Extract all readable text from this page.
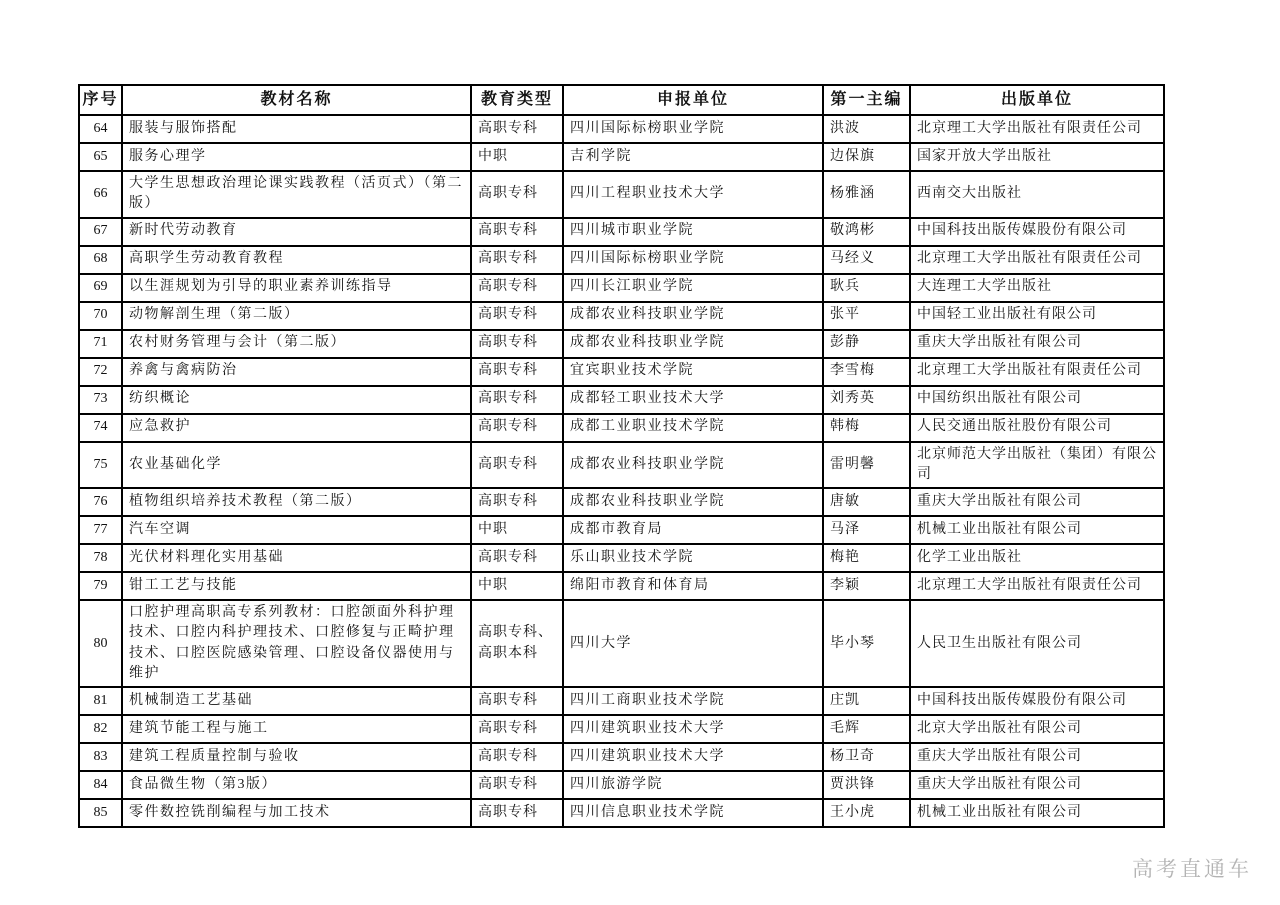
序号	教材名称	教育类型	申报单位	第一主编	出版单位
64	服装与服饰搭配	高职专科	四川国际标榜职业学院	洪波	北京理工大学出版社有限责任公司
65	服务心理学	中职	吉利学院	边保旗	国家开放大学出版社
66	大学生思想政治理论课实践教程（活页式）（第二版）	高职专科	四川工程职业技术大学	杨雅涵	西南交大出版社
67	新时代劳动教育	高职专科	四川城市职业学院	敬鸿彬	中国科技出版传媒股份有限公司
68	高职学生劳动教育教程	高职专科	四川国际标榜职业学院	马经义	北京理工大学出版社有限责任公司
69	以生涯规划为引导的职业素养训练指导	高职专科	四川长江职业学院	耿兵	大连理工大学出版社
70	动物解剖生理（第二版）	高职专科	成都农业科技职业学院	张平	中国轻工业出版社有限公司
71	农村财务管理与会计（第二版）	高职专科	成都农业科技职业学院	彭静	重庆大学出版社有限公司
72	养禽与禽病防治	高职专科	宜宾职业技术学院	李雪梅	北京理工大学出版社有限责任公司
73	纺织概论	高职专科	成都轻工职业技术大学	刘秀英	中国纺织出版社有限公司
74	应急救护	高职专科	成都工业职业技术学院	韩梅	人民交通出版社股份有限公司
75	农业基础化学	高职专科	成都农业科技职业学院	雷明馨	北京师范大学出版社（集团）有限公司
76	植物组织培养技术教程（第二版）	高职专科	成都农业科技职业学院	唐敏	重庆大学出版社有限公司
77	汽车空调	中职	成都市教育局	马泽	机械工业出版社有限公司
78	光伏材料理化实用基础	高职专科	乐山职业技术学院	梅艳	化学工业出版社
79	钳工工艺与技能	中职	绵阳市教育和体育局	李颖	北京理工大学出版社有限责任公司
80	口腔护理高职高专系列教材：口腔颌面外科护理技术、口腔内科护理技术、口腔修复与正畸护理技术、口腔医院感染管理、口腔设备仪器使用与维护	高职专科、高职本科	四川大学	毕小琴	人民卫生出版社有限公司
81	机械制造工艺基础	高职专科	四川工商职业技术学院	庄凯	中国科技出版传媒股份有限公司
82	建筑节能工程与施工	高职专科	四川建筑职业技术大学	毛辉	北京大学出版社有限公司
83	建筑工程质量控制与验收	高职专科	四川建筑职业技术大学	杨卫奇	重庆大学出版社有限公司
84	食品微生物（第3版）	高职专科	四川旅游学院	贾洪锋	重庆大学出版社有限公司
85	零件数控铣削编程与加工技术	高职专科	四川信息职业技术学院	王小虎	机械工业出版社有限公司
高考直通车
